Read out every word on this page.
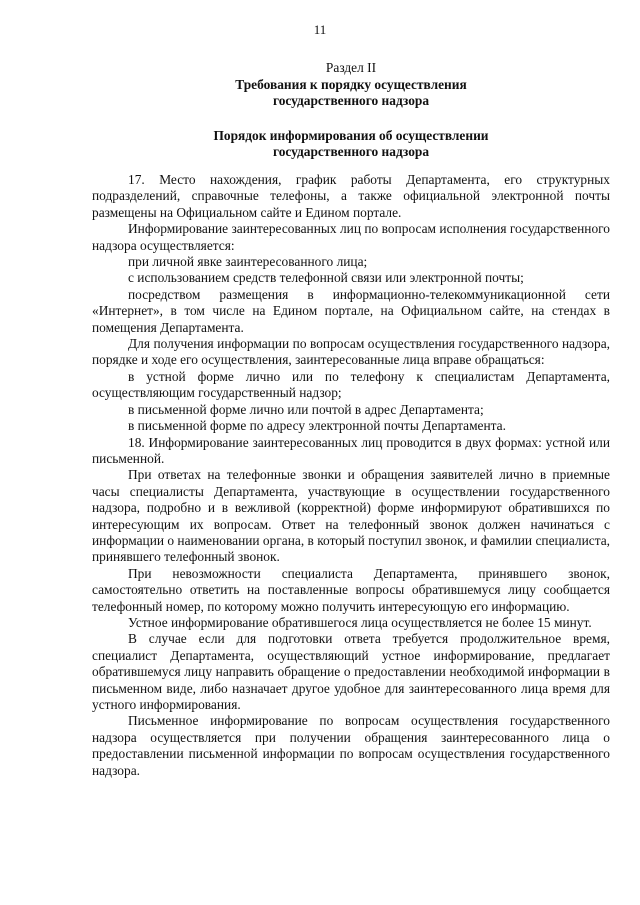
11
Раздел II
Требования к порядку осуществления
государственного надзора
Порядок информирования об осуществлении
государственного надзора

17. Место нахождения, график работы Департамента, его структурных подразделений, справочные телефоны, а также официальной электронной почты размещены на Официальном сайте и Едином портале.

Информирование заинтересованных лиц по вопросам исполнения государственного надзора осуществляется:

при личной явке заинтересованного лица;

с использованием средств телефонной связи или электронной почты;

посредством размещения в информационно-телекоммуникационной сети «Интернет», в том числе на Едином портале, на Официальном сайте, на стендах в помещения Департамента.

Для получения информации по вопросам осуществления государственного надзора, порядке и ходе его осуществления, заинтересованные лица вправе обращаться:

в устной форме лично или по телефону к специалистам Департамента, осуществляющим государственный надзор;

в письменной форме лично или почтой в адрес Департамента;

в письменной форме по адресу электронной почты Департамента.

18. Информирование заинтересованных лиц проводится в двух формах: устной или письменной.

При ответах на телефонные звонки и обращения заявителей лично в приемные часы специалисты Департамента, участвующие в осуществлении государственного надзора, подробно и в вежливой (корректной) форме информируют обратившихся по интересующим их вопросам. Ответ на телефонный звонок должен начинаться с информации о наименовании органа, в который поступил звонок, и фамилии специалиста, принявшего телефонный звонок.

При невозможности специалиста Департамента, принявшего звонок, самостоятельно ответить на поставленные вопросы обратившемуся лицу сообщается телефонный номер, по которому можно получить интересующую его информацию.

Устное информирование обратившегося лица осуществляется не более 15 минут.

В случае если для подготовки ответа требуется продолжительное время, специалист Департамента, осуществляющий устное информирование, предлагает обратившемуся лицу направить обращение о предоставлении необходимой информации в письменном виде, либо назначает другое удобное для заинтересованного лица время для устного информирования.

Письменное информирование по вопросам осуществления государственного надзора осуществляется при получении обращения заинтересованного лица о предоставлении письменной информации по вопросам осуществления государственного надзора.
